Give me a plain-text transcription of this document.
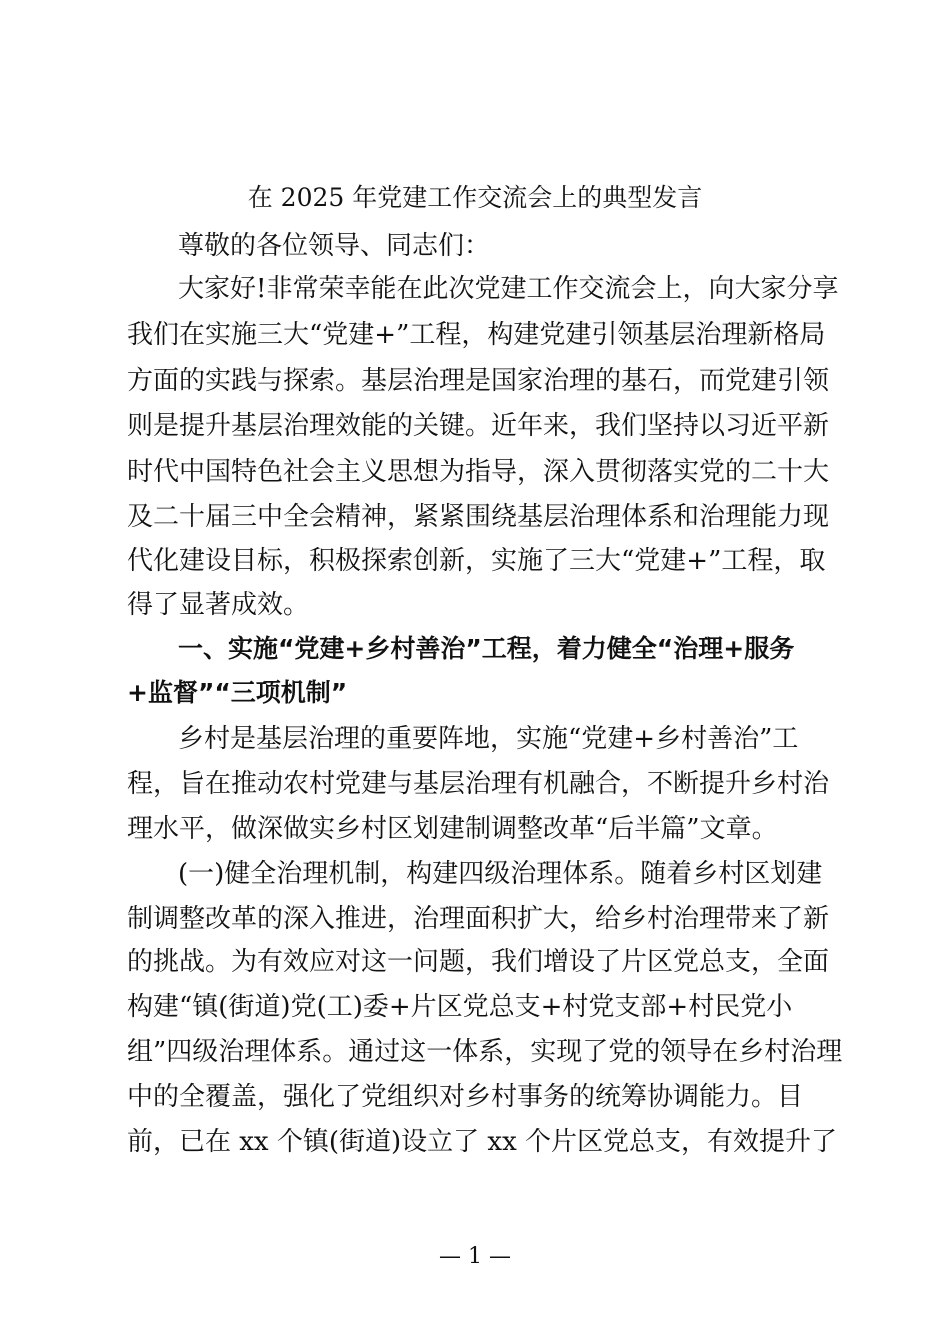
在 2025 年党建工作交流会上的典型发言
尊敬的各位领导、同志们：
大家好!非常荣幸能在此次党建工作交流会上，向大家分享
我们在实施三大“党建+”工程，构建党建引领基层治理新格局
方面的实践与探索。基层治理是国家治理的基石，而党建引领
则是提升基层治理效能的关键。近年来，我们坚持以习近平新
时代中国特色社会主义思想为指导，深入贯彻落实党的二十大
及二十届三中全会精神，紧紧围绕基层治理体系和治理能力现
代化建设目标，积极探索创新，实施了三大“党建+”工程，取
得了显著成效。
一、实施“党建+乡村善治”工程，着力健全“治理+服务
+监督”“三项机制”
乡村是基层治理的重要阵地，实施“党建+乡村善治”工
程，旨在推动农村党建与基层治理有机融合，不断提升乡村治
理水平，做深做实乡村区划建制调整改革“后半篇”文章。
(一)健全治理机制，构建四级治理体系。随着乡村区划建
制调整改革的深入推进，治理面积扩大，给乡村治理带来了新
的挑战。为有效应对这一问题，我们增设了片区党总支，全面
构建“镇(街道)党(工)委+片区党总支+村党支部+村民党小
组”四级治理体系。通过这一体系，实现了党的领导在乡村治理
中的全覆盖，强化了党组织对乡村事务的统筹协调能力。目
前，已在 xx 个镇(街道)设立了 xx 个片区党总支，有效提升了
— 1 —
